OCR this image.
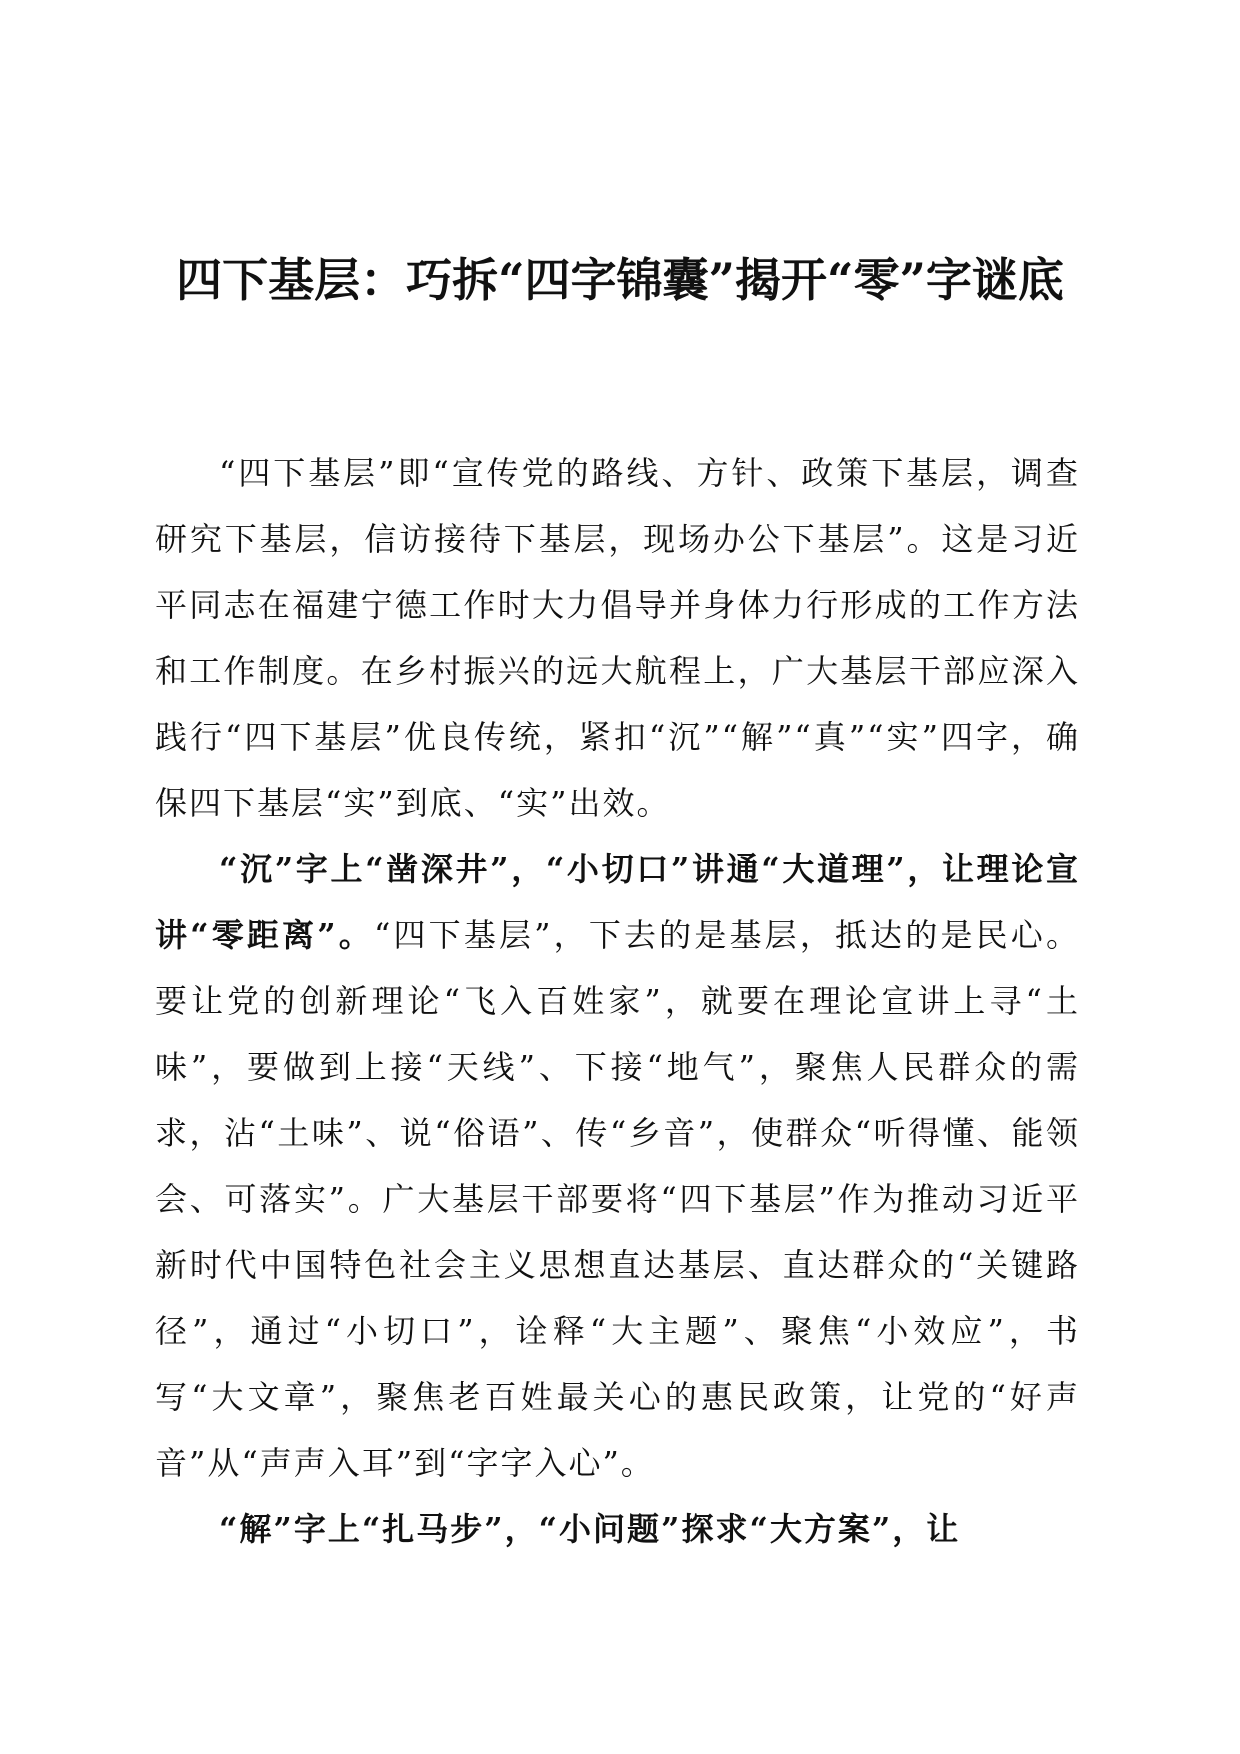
四下基层：巧拆“四字锦囊”揭开“零”字谜底

“四下基层”即“宣传党的路线、方针、政策下基层，调查研究下基层，信访接待下基层，现场办公下基层”。这是习近平同志在福建宁德工作时大力倡导并身体力行形成的工作方法和工作制度。在乡村振兴的远大航程上，广大基层干部应深入践行“四下基层”优良传统，紧扣“沉”“解”“真”“实”四字，确保四下基层“实”到底、“实”出效。

“沉”字上“凿深井”，“小切口”讲通“大道理”，让理论宣讲“零距离”。“四下基层”，下去的是基层，抵达的是民心。要让党的创新理论“飞入百姓家”，就要在理论宣讲上寻“土味”，要做到上接“天线”、下接“地气”，聚焦人民群众的需求，沾“土味”、说“俗语”、传“乡音”，使群众“听得懂、能领会、可落实”。广大基层干部要将“四下基层”作为推动习近平新时代中国特色社会主义思想直达基层、直达群众的“关键路径”，通过“小切口”，诠释“大主题”、聚焦“小效应”，书写“大文章”，聚焦老百姓最关心的惠民政策，让党的“好声音”从“声声入耳”到“字字入心”。

“解”字上“扎马步”，“小问题”探求“大方案”，让
